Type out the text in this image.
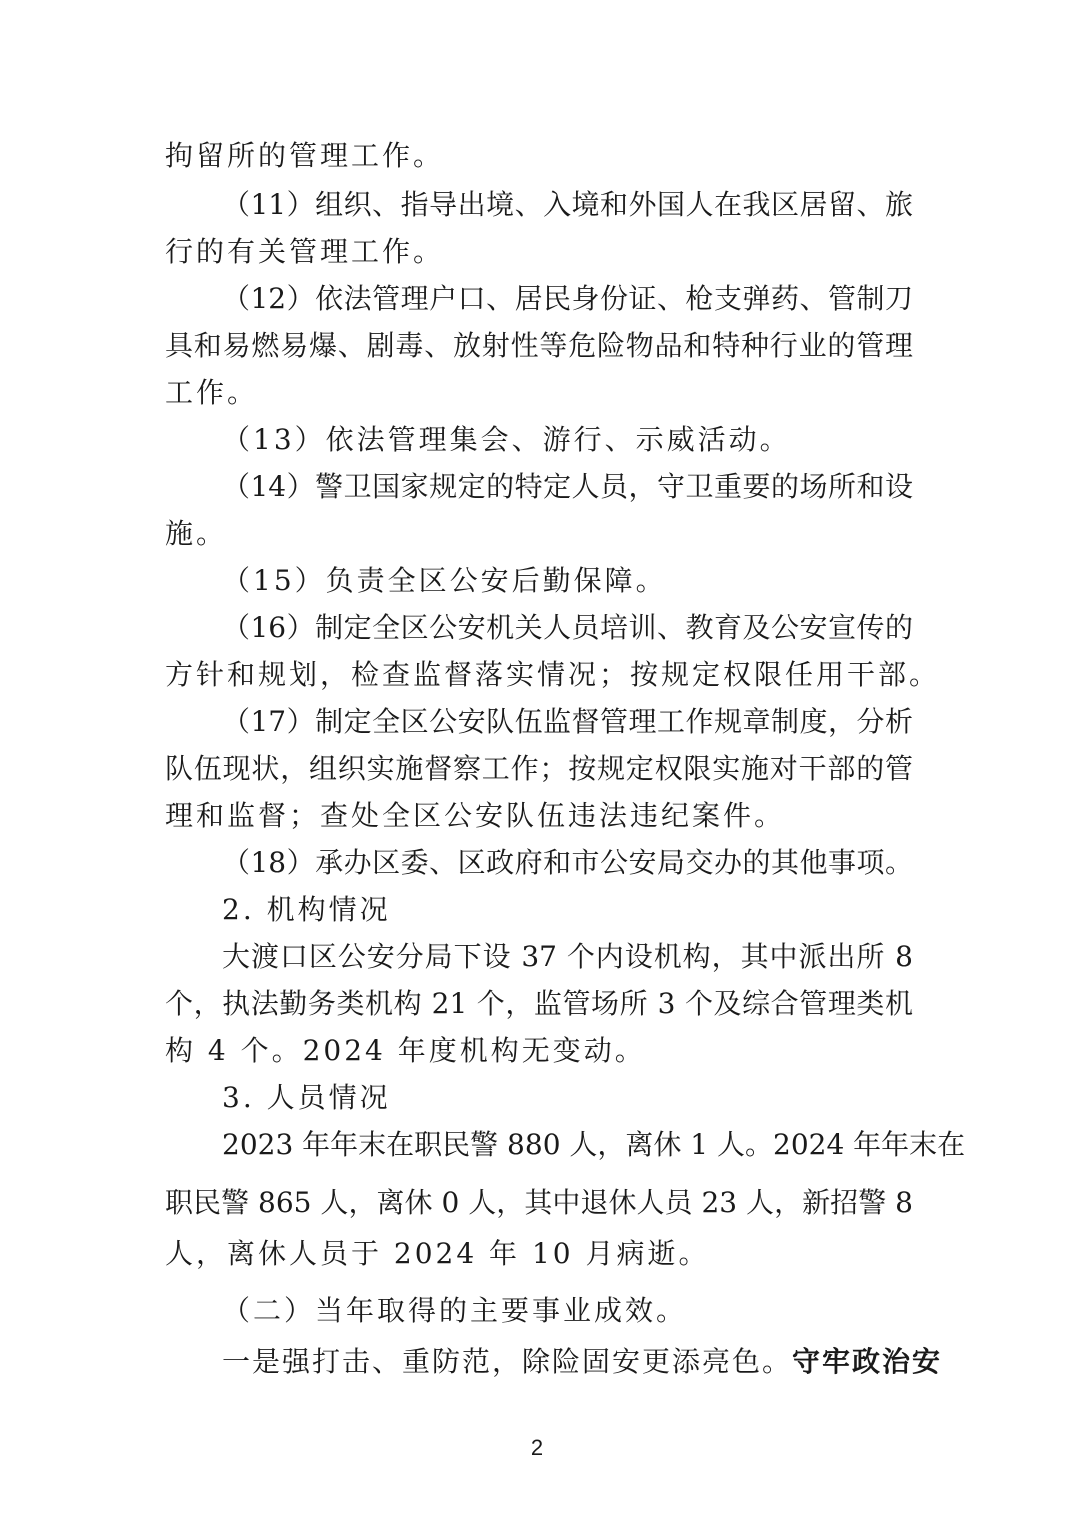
拘留所的管理工作。
（11）组织、指导出境、入境和外国人在我区居留、旅
行的有关管理工作。
（12）依法管理户口、居民身份证、枪支弹药、管制刀
具和易燃易爆、剧毒、放射性等危险物品和特种行业的管理
工作。
（13）依法管理集会、游行、示威活动。
（14）警卫国家规定的特定人员，守卫重要的场所和设
施。
（15）负责全区公安后勤保障。
（16）制定全区公安机关人员培训、教育及公安宣传的
方针和规划，检查监督落实情况；按规定权限任用干部。
（17）制定全区公安队伍监督管理工作规章制度，分析
队伍现状，组织实施督察工作；按规定权限实施对干部的管
理和监督；查处全区公安队伍违法违纪案件。
（18）承办区委、区政府和市公安局交办的其他事项。
2. 机构情况
大渡口区公安分局下设 37 个内设机构，其中派出所 8
个，执法勤务类机构 21 个，监管场所 3 个及综合管理类机
构 4 个。2024 年度机构无变动。
3. 人员情况
2023 年年末在职民警 880 人，离休 1 人。2024 年年末在
职民警 865 人，离休 0 人，其中退休人员 23 人，新招警 8
人，离休人员于 2024 年 10 月病逝。
（二）当年取得的主要事业成效。
一是强打击、重防范，除险固安更添亮色。守牢政治安
2
